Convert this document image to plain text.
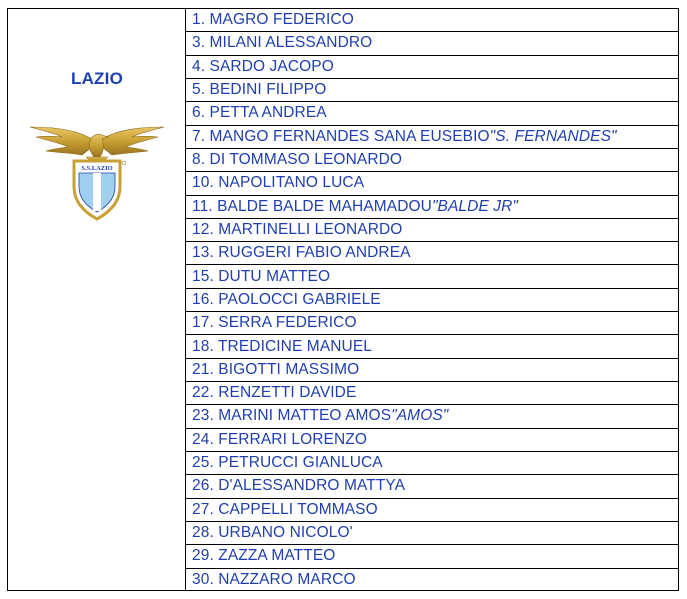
LAZIO
S.S.LAZIO
1. MAGRO FEDERICO
3. MILANI ALESSANDRO
4. SARDO JACOPO
5. BEDINI FILIPPO
6. PETTA ANDREA
7. MANGO FERNANDES SANA EUSEBIO "S. FERNANDES"
8. DI TOMMASO LEONARDO
10. NAPOLITANO LUCA
11. BALDE BALDE MAHAMADOU "BALDE JR"
12. MARTINELLI LEONARDO
13. RUGGERI FABIO ANDREA
15. DUTU MATTEO
16. PAOLOCCI GABRIELE
17. SERRA FEDERICO
18. TREDICINE MANUEL
21. BIGOTTI MASSIMO
22. RENZETTI DAVIDE
23. MARINI MATTEO AMOS "AMOS"
24. FERRARI LORENZO
25. PETRUCCI GIANLUCA
26. D'ALESSANDRO MATTYA
27. CAPPELLI TOMMASO
28. URBANO NICOLO'
29. ZAZZA MATTEO
30. NAZZARO MARCO
